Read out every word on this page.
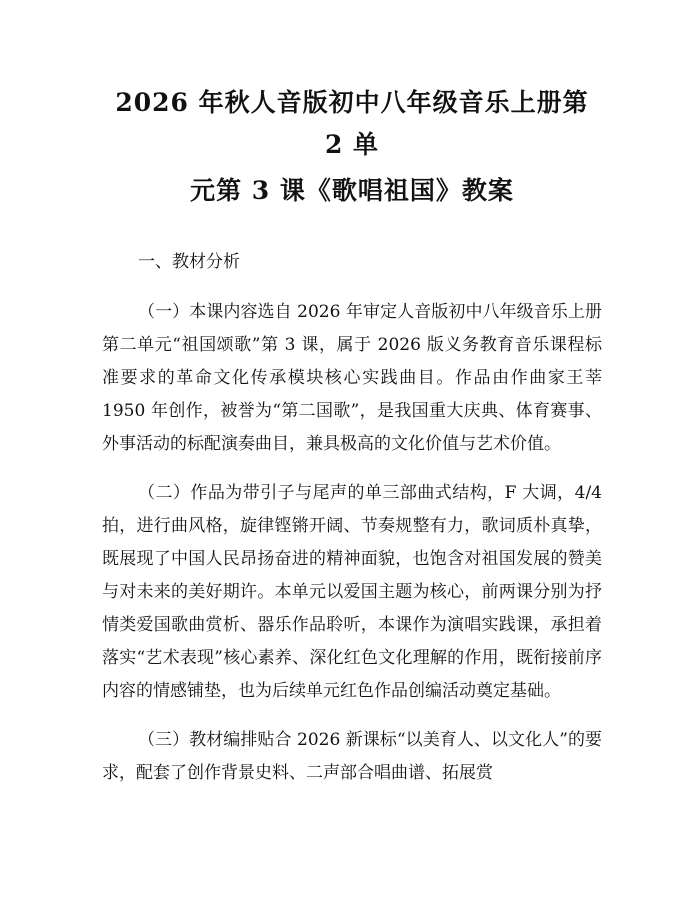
2026 年秋人音版初中八年级音乐上册第 2 单
元第 3 课《歌唱祖国》教案

一、教材分析

（一）本课内容选自 2026 年审定人音版初中八年级音乐上册第二单元“祖国颂歌”第 3 课，属于 2026 版义务教育音乐课程标准要求的革命文化传承模块核心实践曲目。作品由作曲家王莘 1950 年创作，被誉为“第二国歌”，是我国重大庆典、体育赛事、外事活动的标配演奏曲目，兼具极高的文化价值与艺术价值。

（二）作品为带引子与尾声的单三部曲式结构，F 大调，4/4 拍，进行曲风格，旋律铿锵开阔、节奏规整有力，歌词质朴真挚，既展现了中国人民昂扬奋进的精神面貌，也饱含对祖国发展的赞美与对未来的美好期许。本单元以爱国主题为核心，前两课分别为抒情类爱国歌曲赏析、器乐作品聆听，本课作为演唱实践课，承担着落实“艺术表现”核心素养、深化红色文化理解的作用，既衔接前序内容的情感铺垫，也为后续单元红色作品创编活动奠定基础。

（三）教材编排贴合 2026 新课标“以美育人、以文化人”的要求，配套了创作背景史料、二声部合唱曲谱、拓展赏
